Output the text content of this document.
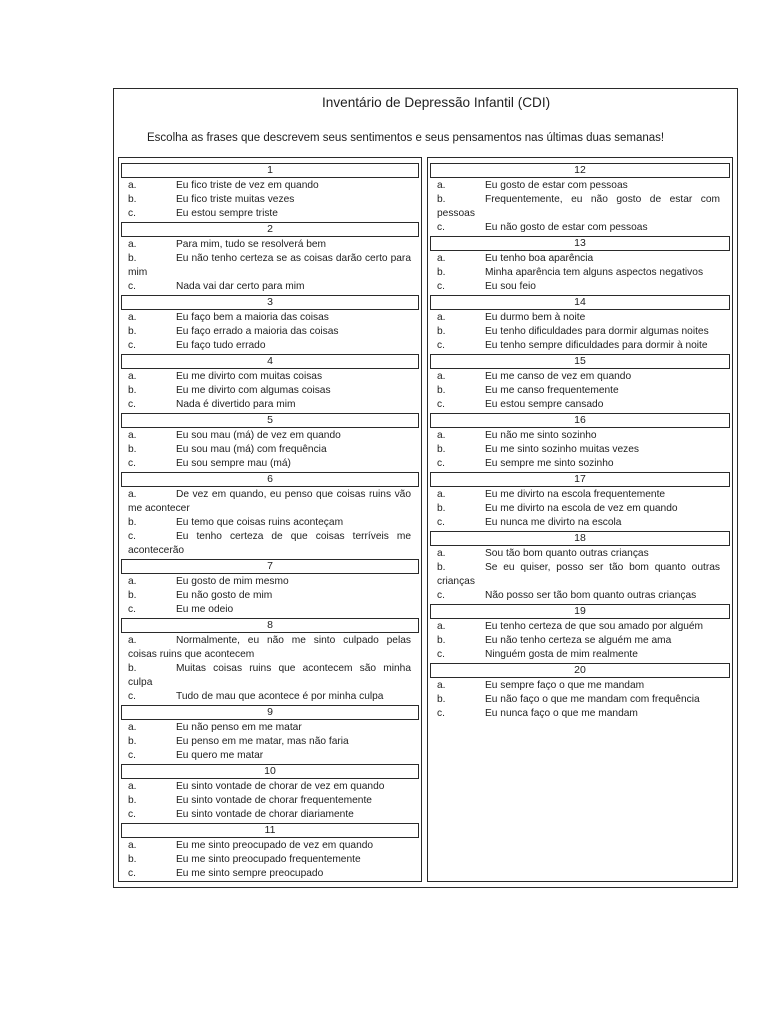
Inventário de Depressão Infantil (CDI)
Escolha as frases que descrevem seus sentimentos e seus pensamentos nas últimas duas semanas!
1
a.	Eu fico triste de vez em quando
b.	Eu fico triste muitas vezes
c.	Eu estou sempre triste
2
a.	Para mim, tudo se resolverá bem
b.	Eu não tenho certeza se as coisas darão certo para
mim
c.	Nada vai dar certo para mim
3
a.	Eu faço bem a maioria das coisas
b.	Eu faço errado a maioria das coisas
c.	Eu faço tudo errado
4
a.	Eu me divirto com muitas coisas
b.	Eu me divirto com algumas coisas
c.	Nada é divertido para mim
5
a.	Eu sou mau (má) de vez em quando
b.	Eu sou mau (má) com frequência
c.	Eu sou sempre mau (má)
6
a.	De vez em quando, eu penso que coisas ruins vão
me acontecer
b.	Eu temo que coisas ruins aconteçam
c.	Eu tenho certeza de que coisas terríveis me
acontecerão
7
a.	Eu gosto de mim mesmo
b.	Eu não gosto de mim
c.	Eu me odeio
8
a.	Normalmente, eu não me sinto culpado pelas
coisas ruins que acontecem
b.	Muitas coisas ruins que acontecem são minha
culpa
c.	Tudo de mau que acontece é por minha culpa
9
a.	Eu não penso em me matar
b.	Eu penso em me matar, mas não faria
c.	Eu quero me matar
10
a.	Eu sinto vontade de chorar de vez em quando
b.	Eu sinto vontade de chorar frequentemente
c.	Eu sinto vontade de chorar diariamente
11
a.	Eu me sinto preocupado de vez em quando
b.	Eu me sinto preocupado frequentemente
c.	Eu me sinto sempre preocupado
12
a.	Eu gosto de estar com pessoas
b.	Frequentemente, eu não gosto de estar com
pessoas
c.	Eu não gosto de estar com pessoas
13
a.	Eu tenho boa aparência
b.	Minha aparência tem alguns aspectos negativos
c.	Eu sou feio
14
a.	Eu durmo bem à noite
b.	Eu tenho dificuldades para dormir algumas noites
c.	Eu tenho sempre dificuldades para dormir à noite
15
a.	Eu me canso de vez em quando
b.	Eu me canso frequentemente
c.	Eu estou sempre cansado
16
a.	Eu não me sinto sozinho
b.	Eu me sinto sozinho muitas vezes
c.	Eu sempre me sinto sozinho
17
a.	Eu me divirto na escola frequentemente
b.	Eu me divirto na escola de vez em quando
c.	Eu nunca me divirto na escola
18
a.	Sou tão bom quanto outras crianças
b.	Se eu quiser, posso ser tão bom quanto outras
crianças
c.	Não posso ser tão bom quanto outras crianças
19
a.	Eu tenho certeza de que sou amado por alguém
b.	Eu não tenho certeza se alguém me ama
c.	Ninguém gosta de mim realmente
20
a.	Eu sempre faço o que me mandam
b.	Eu não faço o que me mandam com frequência
c.	Eu nunca faço o que me mandam
